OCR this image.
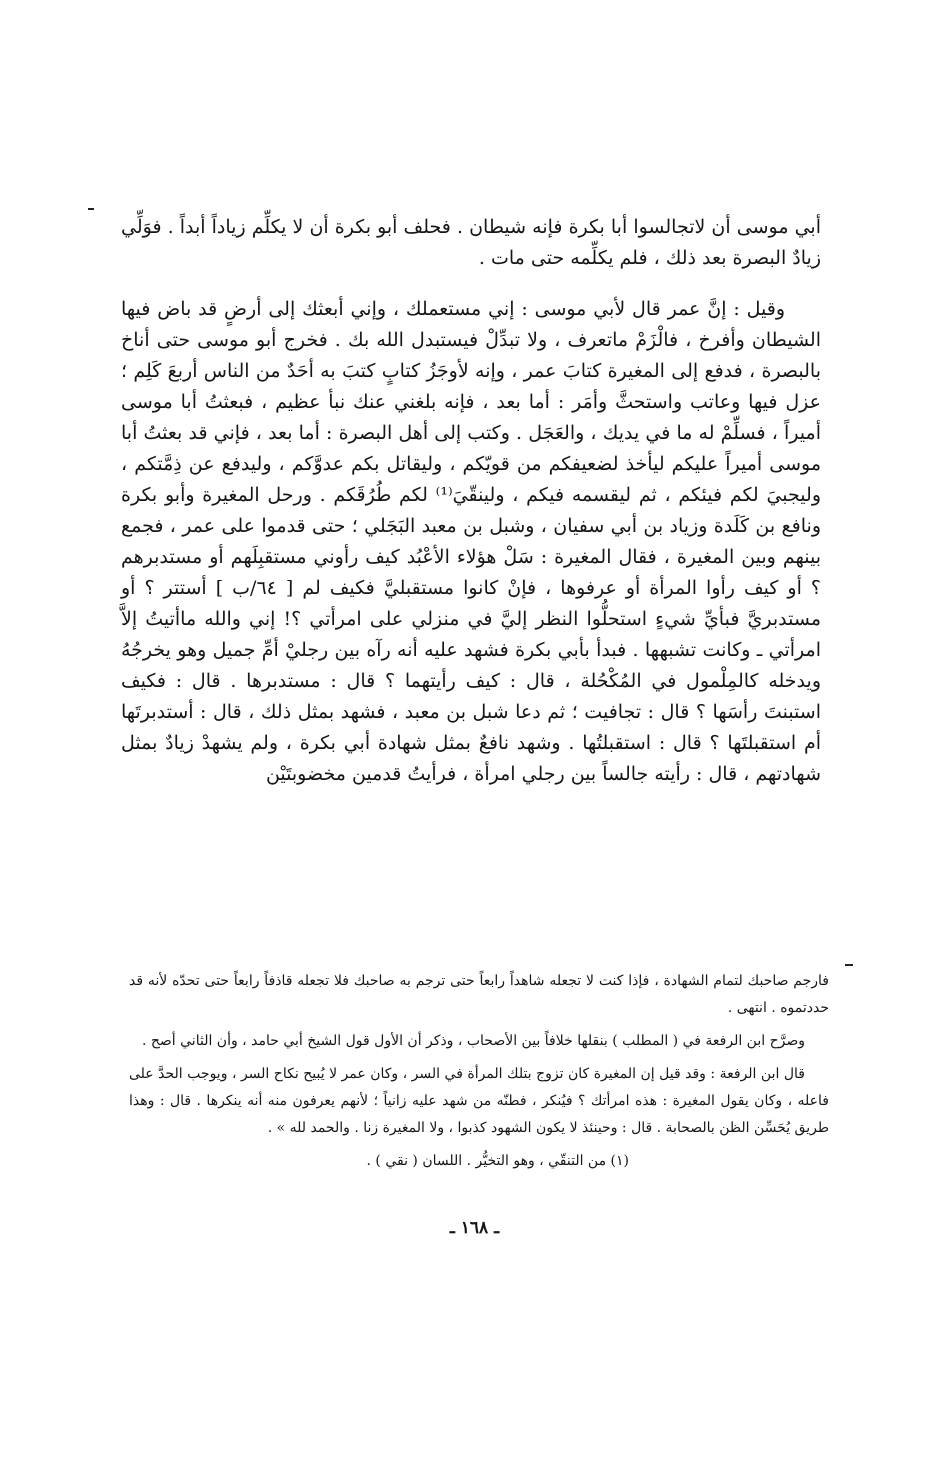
أبي موسى أن لاتجالسوا أبا بكرة فإنه شيطان . فحلف أبو بكرة أن لا يكلِّم زياداً أبداً . فوَلِّي زيادٌ البصرة بعد ذلك ، فلم يكلِّمه حتى مات .

وقيل : إنَّ عمر قال لأبي موسى : إني مستعملك ، وإني أبعثك إلى أرضٍ قد باض فيها الشيطان وأفرخ ، فالْزَمْ ماتعرف ، ولا تبدِّلْ فيستبدل الله بك . فخرج أبو موسى حتى أناخ بالبصرة ، فدفع إلى المغيرة كتابَ عمر ، وإنه لأوجَزُ كتابٍ كتبَ به أحَدٌ من الناس أربعَ كَلِم ؛ عزل فيها وعاتب واستحثَّ وأمَر : أما بعد ، فإنه بلغني عنك نبأ عظيم ، فبعثتُ أبا موسى أميراً ، فسلِّمْ له ما في يديك ، والعَجَل . وكتب إلى أهل البصرة : أما بعد ، فإني قد بعثتُ أبا موسى أميراً عليكم ليأخذ لضعيفكم من قويّكم ، وليقاتل بكم عدوَّكم ، وليدفع عن ذِمَّتكم ، وليجبيَ لكم فيئكم ، ثم ليقسمه فيكم ، ولينقّيَ⁽¹⁾ لكم طُرُقَكم . ورحل المغيرة وأبو بكرة ونافع بن كَلَدة وزياد بن أبي سفيان ، وشبل بن معبد البَجَلي ؛ حتى قدموا على عمر ، فجمع بينهم وبين المغيرة ، فقال المغيرة : سَلْ هؤلاء الأعْبُد كيف رأوني مستقبِلَهم أو مستدبرهم ؟ أو كيف رأوا المرأة أو عرفوها ، فإنْ كانوا مستقبليَّ فكيف لم [ ٦٤/ب ] أستتر ؟ أو مستدبريَّ فبأيِّ شيءٍ استحلُّوا النظر إليَّ في منزلي على امرأتي ؟! إني والله ماأتيتُ إلاَّ امرأتي ـ وكانت تشبهها . فبدأ بأبي بكرة فشهد عليه أنه رآه بين رجليْ أمِّ جميل وهو يخرجُهُ ويدخله كالمِلْمول في المُكْحُلة ، قال : كيف رأيتهما ؟ قال : مستدبرها . قال : فكيف استبنتَ رأسَها ؟ قال : تجافيت ؛ ثم دعا شبل بن معبد ، فشهد بمثل ذلك ، قال : أستدبرتَها أم استقبلتَها ؟ قال : استقبلتُها . وشهد نافعٌ بمثل شهادة أبي بكرة ، ولم يشهدْ زيادٌ بمثل شهادتهم ، قال : رأيته جالساً بين رجلي امرأة ، فرأيتُ قدمين مخضوبتَيْن

فارجم صاحبك لتمام الشهادة ، فإذا كنت لا تجعله شاهداً رابعاً حتى ترجم به صاحبك فلا تجعله قاذفاً رابعاً حتى تحدّه لأنه قد حددتموه . انتهى .

وصرَّح ابن الرفعة في ( المطلب ) بنقلها خلافاً بين الأصحاب ، وذكر أن الأول قول الشيخ أبي حامد ، وأن الثاني أصح .

قال ابن الرفعة : وقد قيل إن المغيرة كان تزوج بتلك المرأة في السر ، وكان عمر لا يُبيح نكاح السر ، ويوجب الحدَّ على فاعله ، وكان يقول المغيرة : هذه امرأتك ؟ فيُنكر ، فطنّه من شهد عليه زانياً ؛ لأنهم يعرفون منه أنه ينكرها . قال : وهذا طريق يُحَسِّن الظن بالصحابة . قال : وحينئذ لا يكون الشهود كذبوا ، ولا المغيرة زنا . والحمد لله » .

(١) من التنقّي ، وهو التخيُّر . اللسان ( نقي ) .

ـ ١٦٨ ـ
